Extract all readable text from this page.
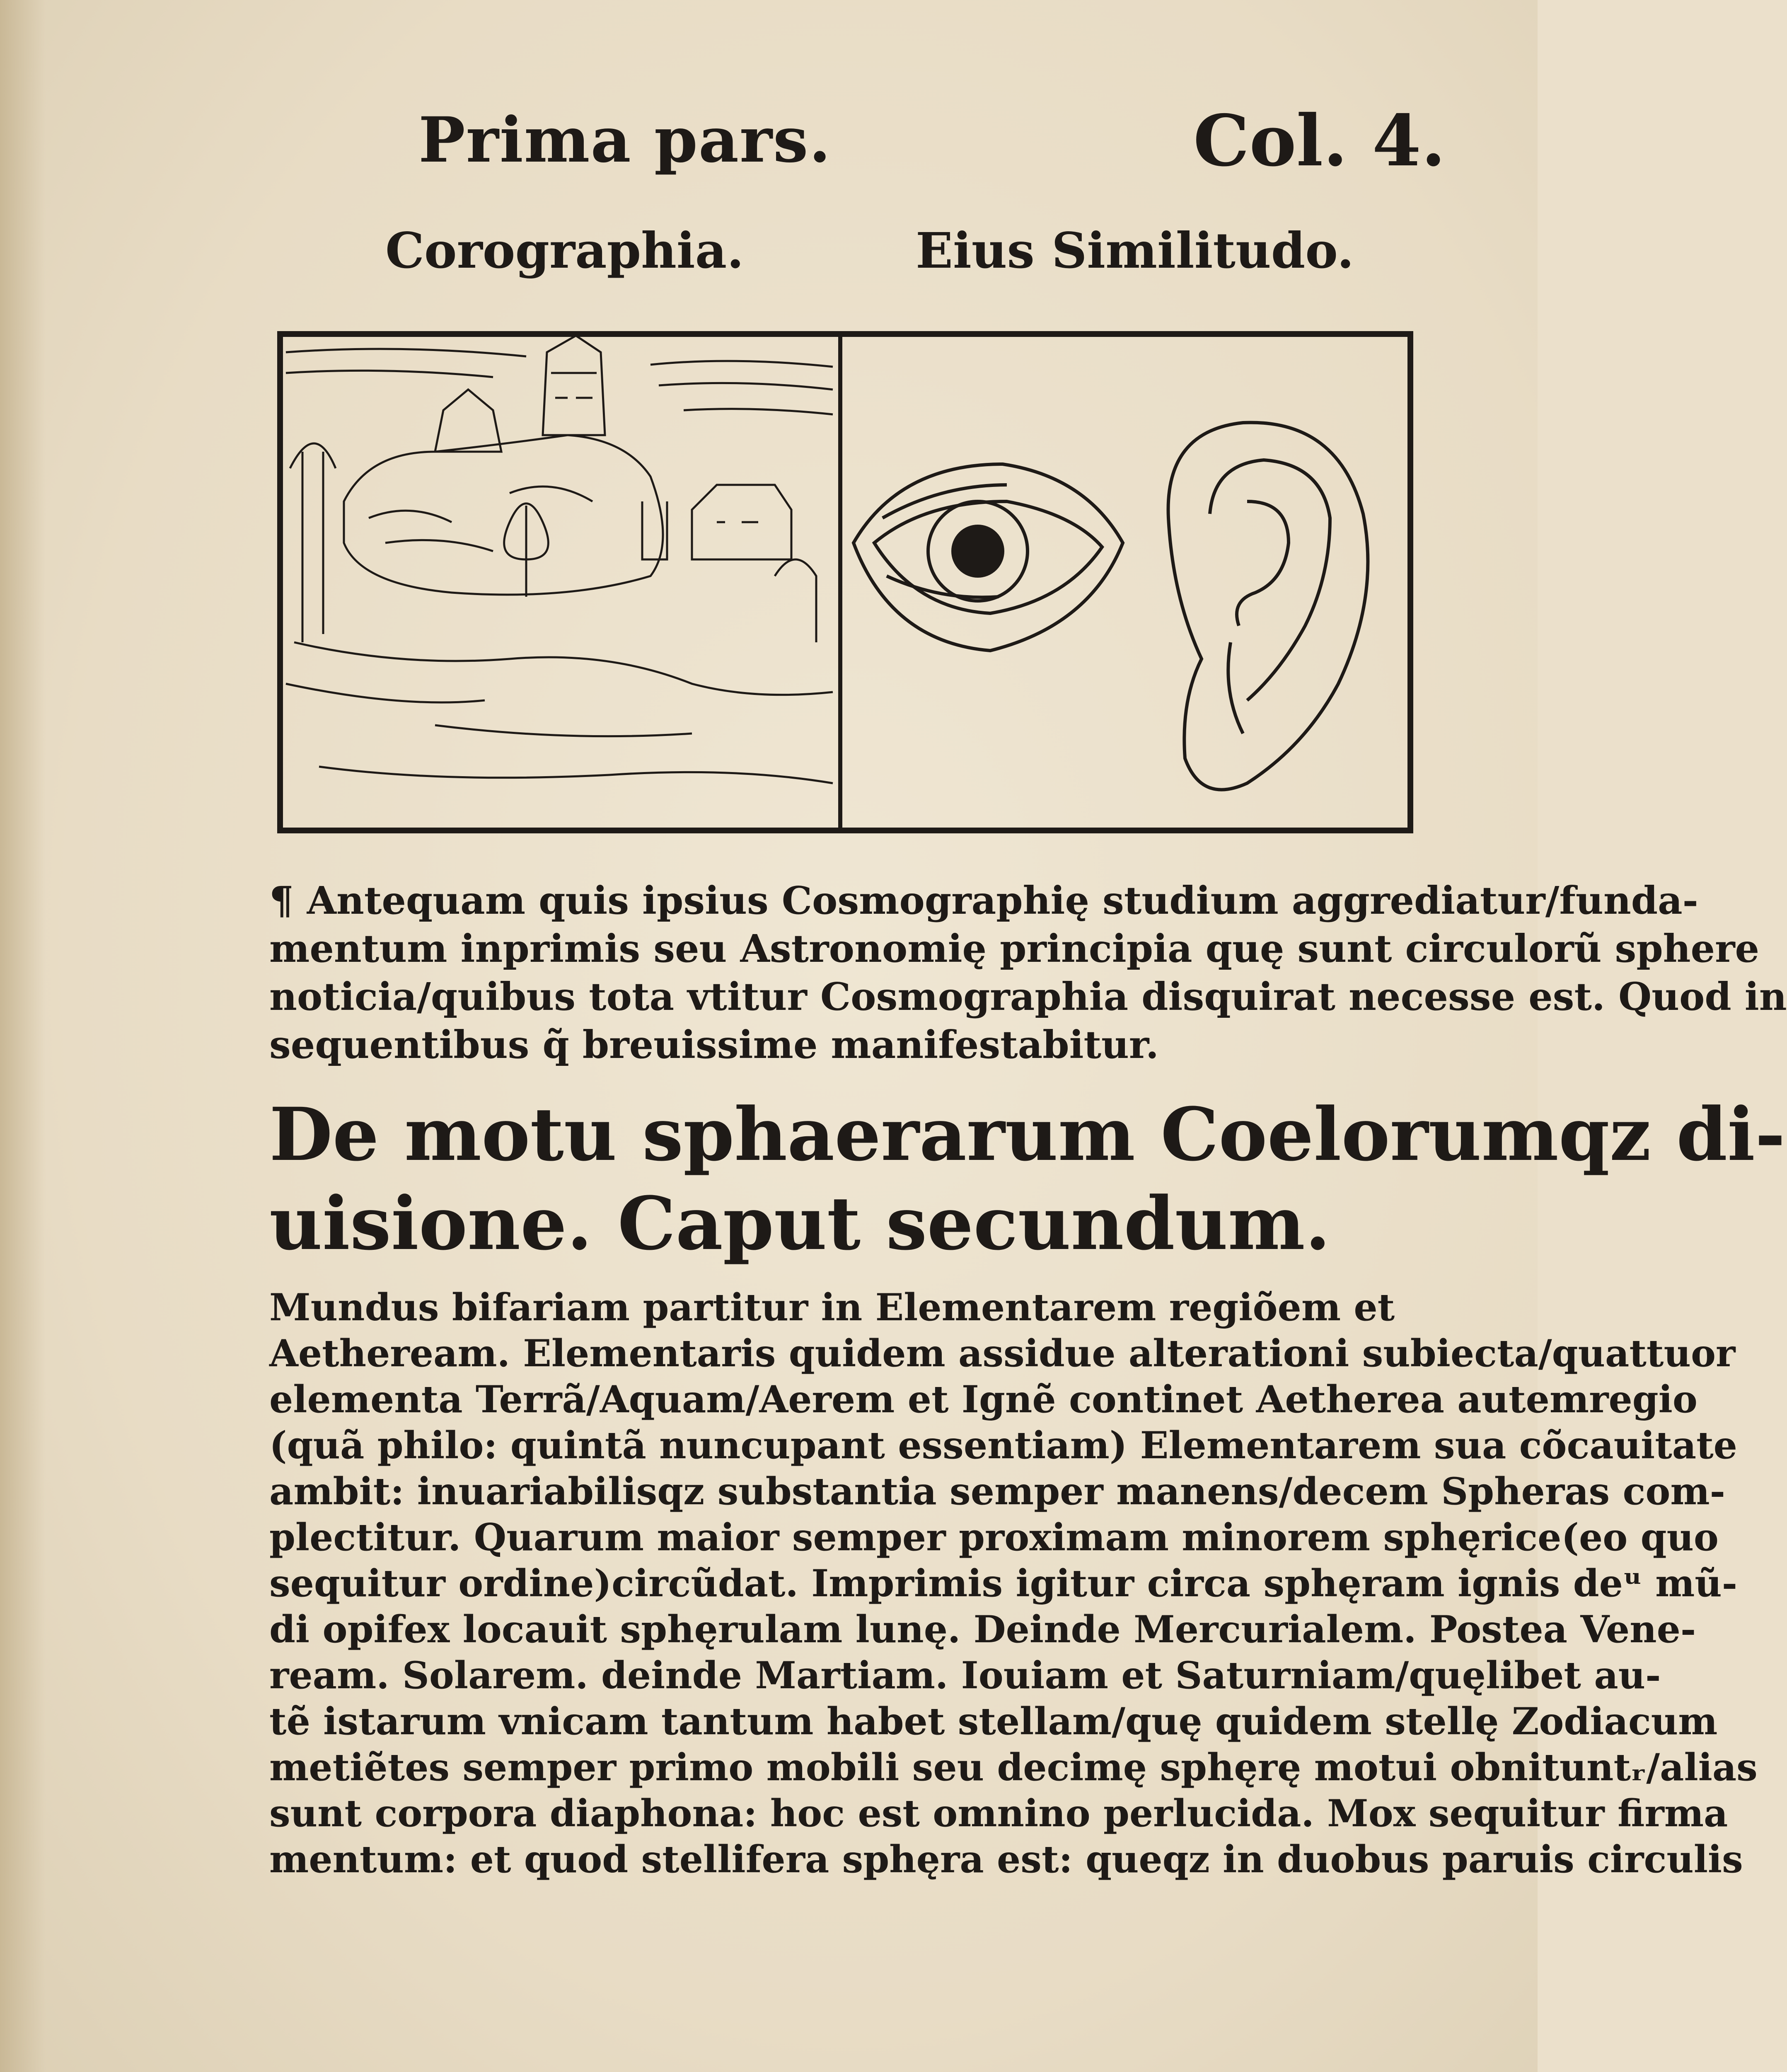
Prima pars.	Col. 4.
Corographia.	Eius Similitudo.
¶ Antequam quis ipsius Cosmographię studium aggrediatur/funda-
mentum inprimis seu Astronomię principia quę sunt circulorũ sphere
noticia/quibus tota vtitur Cosmographia disquirat necesse est. Quod in
sequentibus q̃ breuissime manifestabitur.
De motu sphaerarum Coelorumqz di-
uisione. Caput secundum.
Mundus bifariam partitur in Elementarem regiõem et
Aetheream. Elementaris quidem assidue alterationi subiecta/quattuor
elementa Terrã/Aquam/Aerem et Ignẽ continet Aetherea autemregio
(quã philo: quintã nuncupant essentiam) Elementarem sua cõcauitate
ambit: inuariabilisqz substantia semper manens/decem Spheras com-
plectitur. Quarum maior semper proximam minorem sphęrice(eo quo
sequitur ordine)circũdat. Imprimis igitur circa sphęram ignis deᵘ mũ-
di opifex locauit sphęrulam lunę. Deinde Mercurialem. Postea Vene-
ream. Solarem. deinde Martiam. Iouiam et Saturniam/quęlibet au-
tẽ istarum vnicam tantum habet stellam/quę quidem stellę Zodiacum
metiẽtes semper primo mobili seu decimę sphęrę motui obnituntᵣ/alias
sunt corpora diaphona: hoc est omnino perlucida. Mox sequitur firma
mentum: et quod stellifera sphęra est: queqz in duobus paruis circulis
